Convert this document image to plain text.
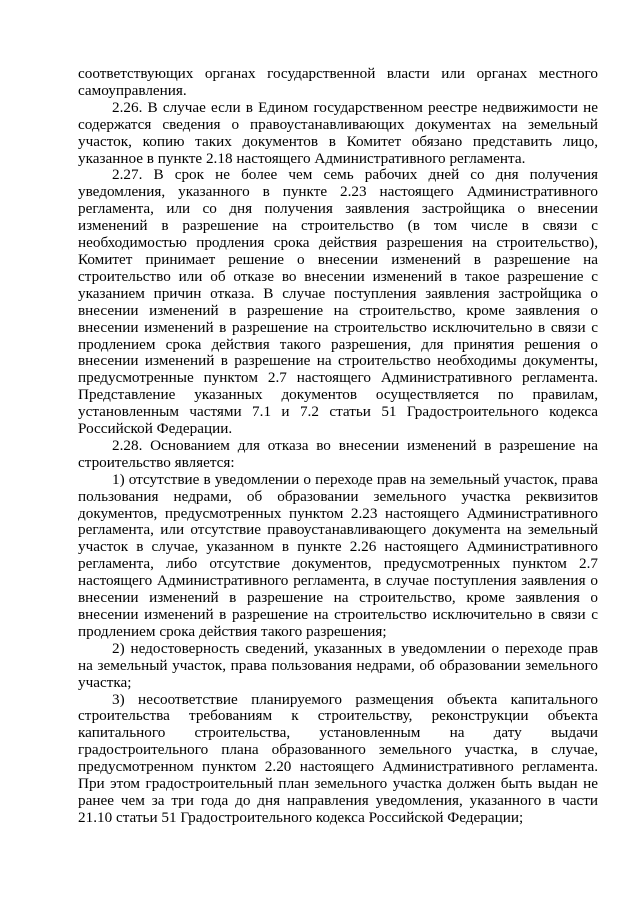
соответствующих органах государственной власти или органах местного самоуправления.

2.26. В случае если в Едином государственном реестре недвижимости не содержатся сведения о правоустанавливающих документах на земельный участок, копию таких документов в Комитет обязано представить лицо, указанное в пункте 2.18 настоящего Административного регламента.

2.27. В срок не более чем семь рабочих дней со дня получения уведомления, указанного в пункте 2.23 настоящего Административного регламента, или со дня получения заявления застройщика о внесении изменений в разрешение на строительство (в том числе в связи с необходимостью продления срока действия разрешения на строительство), Комитет принимает решение о внесении изменений в разрешение на строительство или об отказе во внесении изменений в такое разрешение с указанием причин отказа. В случае поступления заявления застройщика о внесении изменений в разрешение на строительство, кроме заявления о внесении изменений в разрешение на строительство исключительно в связи с продлением срока действия такого разрешения, для принятия решения о внесении изменений в разрешение на строительство необходимы документы, предусмотренные пунктом 2.7 настоящего Административного регламента. Представление указанных документов осуществляется по правилам, установленным частями 7.1 и 7.2 статьи 51 Градостроительного кодекса Российской Федерации.

2.28. Основанием для отказа во внесении изменений в разрешение на строительство является:

1) отсутствие в уведомлении о переходе прав на земельный участок, права пользования недрами, об образовании земельного участка реквизитов документов, предусмотренных пунктом 2.23 настоящего Административного регламента, или отсутствие правоустанавливающего документа на земельный участок в случае, указанном в пункте 2.26 настоящего Административного регламента, либо отсутствие документов, предусмотренных пунктом 2.7 настоящего Административного регламента, в случае поступления заявления о внесении изменений в разрешение на строительство, кроме заявления о внесении изменений в разрешение на строительство исключительно в связи с продлением срока действия такого разрешения;

2) недостоверность сведений, указанных в уведомлении о переходе прав на земельный участок, права пользования недрами, об образовании земельного участка;

3) несоответствие планируемого размещения объекта капитального строительства требованиям к строительству, реконструкции объекта капитального строительства, установленным на дату выдачи градостроительного плана образованного земельного участка, в случае, предусмотренном пунктом 2.20 настоящего Административного регламента. При этом градостроительный план земельного участка должен быть выдан не ранее чем за три года до дня направления уведомления, указанного в части 21.10 статьи 51 Градостроительного кодекса Российской Федерации;
